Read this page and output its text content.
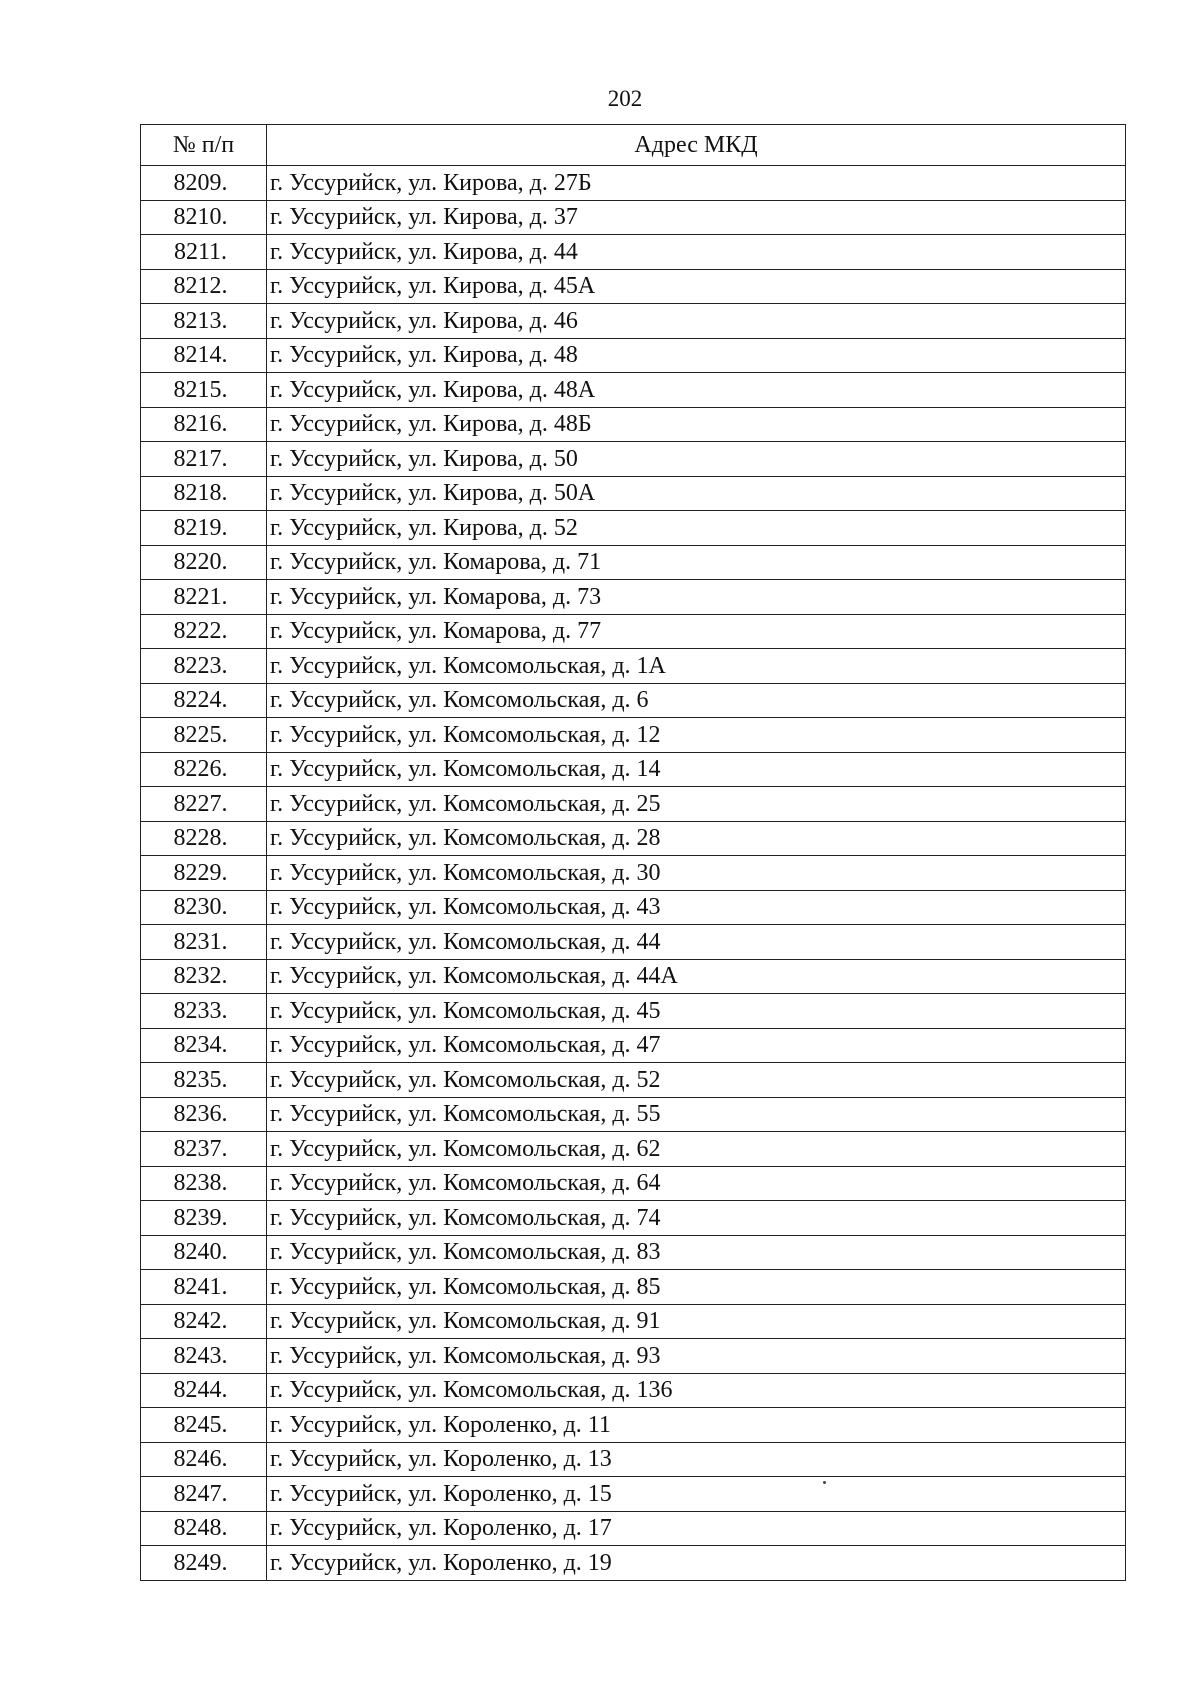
202
№ п/п	Адрес МКД
8209.	г. Уссурийск, ул. Кирова, д. 27Б
8210.	г. Уссурийск, ул. Кирова, д. 37
8211.	г. Уссурийск, ул. Кирова, д. 44
8212.	г. Уссурийск, ул. Кирова, д. 45А
8213.	г. Уссурийск, ул. Кирова, д. 46
8214.	г. Уссурийск, ул. Кирова, д. 48
8215.	г. Уссурийск, ул. Кирова, д. 48А
8216.	г. Уссурийск, ул. Кирова, д. 48Б
8217.	г. Уссурийск, ул. Кирова, д. 50
8218.	г. Уссурийск, ул. Кирова, д. 50А
8219.	г. Уссурийск, ул. Кирова, д. 52
8220.	г. Уссурийск, ул. Комарова, д. 71
8221.	г. Уссурийск, ул. Комарова, д. 73
8222.	г. Уссурийск, ул. Комарова, д. 77
8223.	г. Уссурийск, ул. Комсомольская, д. 1А
8224.	г. Уссурийск, ул. Комсомольская, д. 6
8225.	г. Уссурийск, ул. Комсомольская, д. 12
8226.	г. Уссурийск, ул. Комсомольская, д. 14
8227.	г. Уссурийск, ул. Комсомольская, д. 25
8228.	г. Уссурийск, ул. Комсомольская, д. 28
8229.	г. Уссурийск, ул. Комсомольская, д. 30
8230.	г. Уссурийск, ул. Комсомольская, д. 43
8231.	г. Уссурийск, ул. Комсомольская, д. 44
8232.	г. Уссурийск, ул. Комсомольская, д. 44А
8233.	г. Уссурийск, ул. Комсомольская, д. 45
8234.	г. Уссурийск, ул. Комсомольская, д. 47
8235.	г. Уссурийск, ул. Комсомольская, д. 52
8236.	г. Уссурийск, ул. Комсомольская, д. 55
8237.	г. Уссурийск, ул. Комсомольская, д. 62
8238.	г. Уссурийск, ул. Комсомольская, д. 64
8239.	г. Уссурийск, ул. Комсомольская, д. 74
8240.	г. Уссурийск, ул. Комсомольская, д. 83
8241.	г. Уссурийск, ул. Комсомольская, д. 85
8242.	г. Уссурийск, ул. Комсомольская, д. 91
8243.	г. Уссурийск, ул. Комсомольская, д. 93
8244.	г. Уссурийск, ул. Комсомольская, д. 136
8245.	г. Уссурийск, ул. Короленко, д. 11
8246.	г. Уссурийск, ул. Короленко, д. 13
8247.	г. Уссурийск, ул. Короленко, д. 15
8248.	г. Уссурийск, ул. Короленко, д. 17
8249.	г. Уссурийск, ул. Короленко, д. 19
